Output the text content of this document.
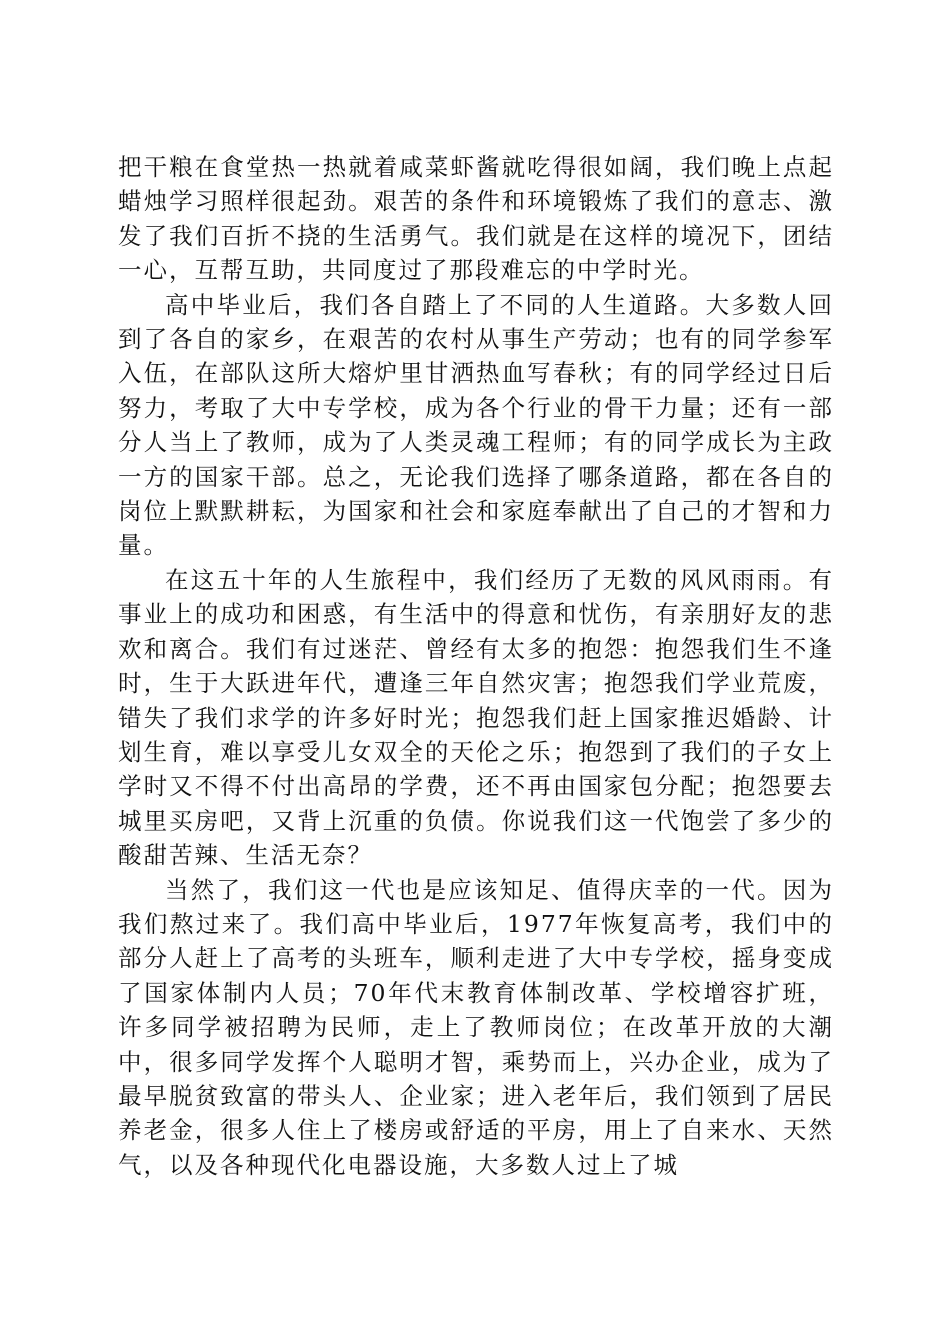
把干粮在食堂热一热就着咸菜虾酱就吃得很如阔，我们晚上点起蜡烛学习照样很起劲。艰苦的条件和环境锻炼了我们的意志、激发了我们百折不挠的生活勇气。我们就是在这样的境况下，团结一心，互帮互助，共同度过了那段难忘的中学时光。

高中毕业后，我们各自踏上了不同的人生道路。大多数人回到了各自的家乡，在艰苦的农村从事生产劳动；也有的同学参军入伍，在部队这所大熔炉里甘洒热血写春秋；有的同学经过日后努力，考取了大中专学校，成为各个行业的骨干力量；还有一部分人当上了教师，成为了人类灵魂工程师；有的同学成长为主政一方的国家干部。总之，无论我们选择了哪条道路，都在各自的岗位上默默耕耘，为国家和社会和家庭奉献出了自己的才智和力量。

在这五十年的人生旅程中，我们经历了无数的风风雨雨。有事业上的成功和困惑，有生活中的得意和忧伤，有亲朋好友的悲欢和离合。我们有过迷茫、曾经有太多的抱怨：抱怨我们生不逢时，生于大跃进年代，遭逢三年自然灾害；抱怨我们学业荒废，错失了我们求学的许多好时光；抱怨我们赶上国家推迟婚龄、计划生育，难以享受儿女双全的天伦之乐；抱怨到了我们的子女上学时又不得不付出高昂的学费，还不再由国家包分配；抱怨要去城里买房吧，又背上沉重的负债。你说我们这一代饱尝了多少的酸甜苦辣、生活无奈？

当然了，我们这一代也是应该知足、值得庆幸的一代。因为我们熬过来了。我们高中毕业后，1977年恢复高考，我们中的部分人赶上了高考的头班车，顺利走进了大中专学校，摇身变成了国家体制内人员；70年代末教育体制改革、学校增容扩班，许多同学被招聘为民师，走上了教师岗位；在改革开放的大潮中，很多同学发挥个人聪明才智，乘势而上，兴办企业，成为了最早脱贫致富的带头人、企业家；进入老年后，我们领到了居民养老金，很多人住上了楼房或舒适的平房，用上了自来水、天然气，以及各种现代化电器设施，大多数人过上了城
